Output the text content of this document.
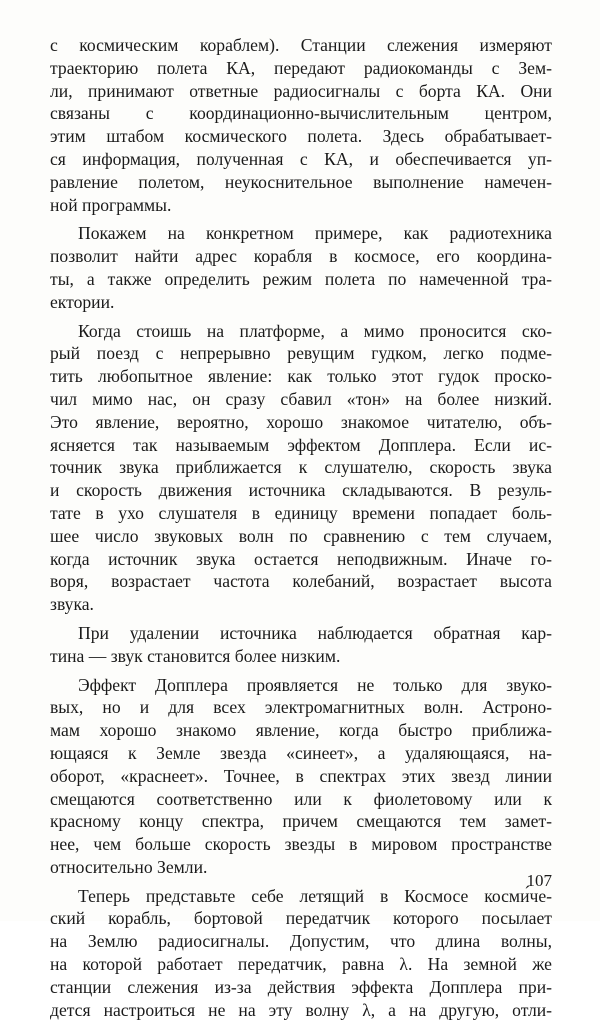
с космическим кораблем). Станции слежения измеряют
траекторию полета КА, передают радиокоманды с Зем-
ли, принимают ответные радиосигналы с борта КА. Они
связаны с координационно-вычислительным центром,
этим штабом космического полета. Здесь обрабатывает-
ся информация, полученная с КА, и обеспечивается уп-
равление полетом, неукоснительное выполнение намечен-
ной программы.
Покажем на конкретном примере, как радиотехника
позволит найти адрес корабля в космосе, его координа-
ты, а также определить режим полета по намеченной тра-
ектории.
Когда стоишь на платформе, а мимо проносится ско-
рый поезд с непрерывно ревущим гудком, легко подме-
тить любопытное явление: как только этот гудок проско-
чил мимо нас, он сразу сбавил «тон» на более низкий.
Это явление, вероятно, хорошо знакомое читателю, объ-
ясняется так называемым эффектом Допплера. Если ис-
точник звука приближается к слушателю, скорость звука
и скорость движения источника складываются. В резуль-
тате в ухо слушателя в единицу времени попадает боль-
шее число звуковых волн по сравнению с тем случаем,
когда источник звука остается неподвижным. Иначе го-
воря, возрастает частота колебаний, возрастает высота
звука.
При удалении источника наблюдается обратная кар-
тина — звук становится более низким.
Эффект Допплера проявляется не только для звуко-
вых, но и для всех электромагнитных волн. Астроно-
мам хорошо знакомо явление, когда быстро приближа-
ющаяся к Земле звезда «синеет», а удаляющаяся, на-
оборот, «краснеет». Точнее, в спектрах этих звезд линии
смещаются соответственно или к фиолетовому или к
красному концу спектра, причем смещаются тем замет-
нее, чем больше скорость звезды в мировом пространстве
относительно Земли.
Теперь представьте себе летящий в Космосе косми́че-
ский корабль, бортовой передатчик которого посылает
на Землю радиосигналы. Допустим, что длина волны,
на которой работает передатчик, равна λ. На земной же
станции слежения из-за действия эффекта Допплера при-
дется настроиться не на эту волну λ, а на другую, отли-
107
